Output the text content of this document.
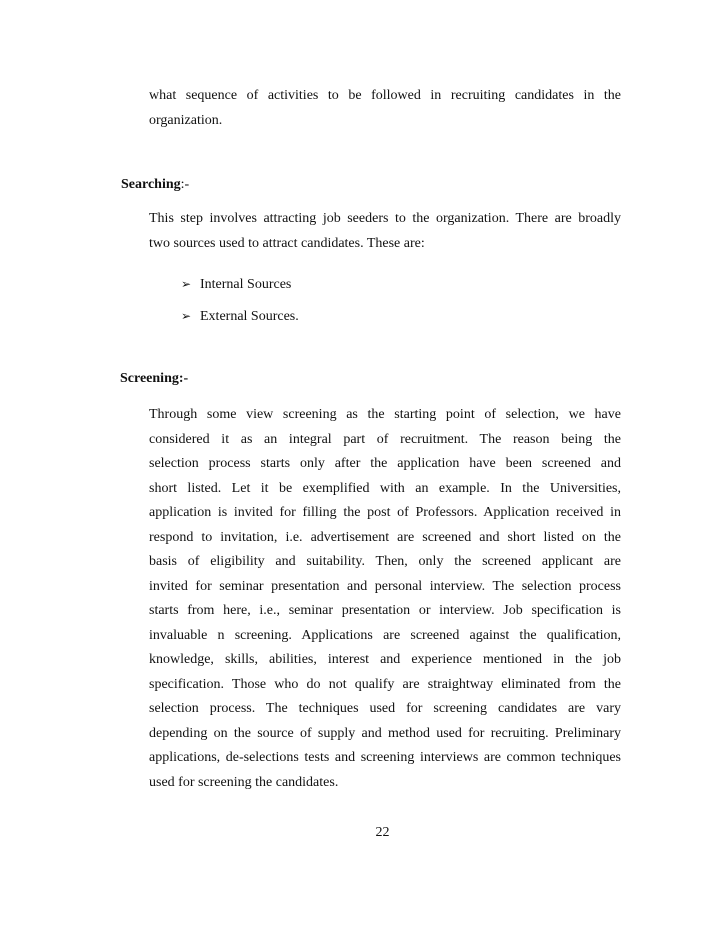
what sequence of activities to be followed in recruiting candidates in the
organization.
Searching:-
This step involves attracting job seeders to the organization. There are broadly
two sources used to attract candidates. These are:
➢ Internal Sources
➢ External Sources.
Screening:-
Through some view screening as the starting point of selection, we have
considered it as an integral part of recruitment. The reason being the
selection process starts only after the application have been screened and
short listed. Let it be exemplified with an example. In the Universities,
application is invited for filling the post of Professors. Application received in
respond to invitation, i.e. advertisement are screened and short listed on the
basis of eligibility and suitability. Then, only the screened applicant are
invited for seminar presentation and personal interview. The selection process
starts from here, i.e., seminar presentation or interview. Job specification is
invaluable n screening. Applications are screened against the qualification,
knowledge, skills, abilities, interest and experience mentioned in the job
specification. Those who do not qualify are straightway eliminated from the
selection process. The techniques used for screening candidates are vary
depending on the source of supply and method used for recruiting. Preliminary
applications, de-selections tests and screening interviews are common techniques
used for screening the candidates.
22
